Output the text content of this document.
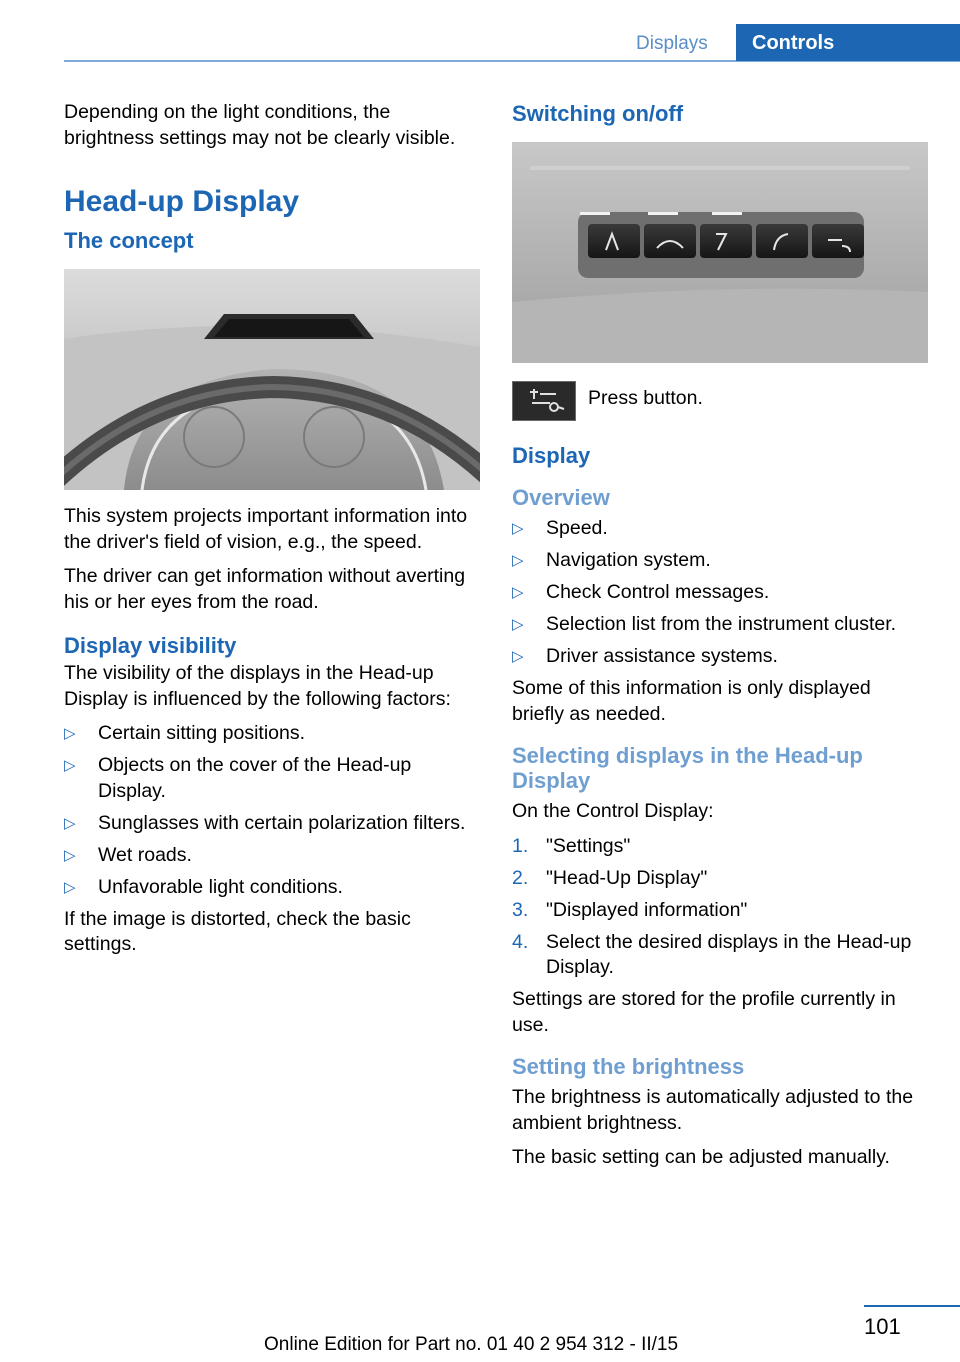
Displays	Controls

Depending on the light conditions, the brightness settings may not be clearly visible.

Head-up Display
The concept

This system projects important information into the driver's field of vision, e.g., the speed.

The driver can get information without averting his or her eyes from the road.

Display visibility

The visibility of the displays in the Head-up Display is influenced by the following factors:

▷ Certain sitting positions.
▷ Objects on the cover of the Head-up Display.
▷ Sunglasses with certain polarization filters.
▷ Wet roads.
▷ Unfavorable light conditions.

If the image is distorted, check the basic settings.

Switching on/off

Press button.

Display
Overview
▷ Speed.
▷ Navigation system.
▷ Check Control messages.
▷ Selection list from the instrument cluster.
▷ Driver assistance systems.

Some of this information is only displayed briefly as needed.

Selecting displays in the Head-up Display

On the Control Display:

1. "Settings"
2. "Head-Up Display"
3. "Displayed information"
4. Select the desired displays in the Head-up Display.

Settings are stored for the profile currently in use.

Setting the brightness

The brightness is automatically adjusted to the ambient brightness.

The basic setting can be adjusted manually.

101
Online Edition for Part no. 01 40 2 954 312 - II/15
